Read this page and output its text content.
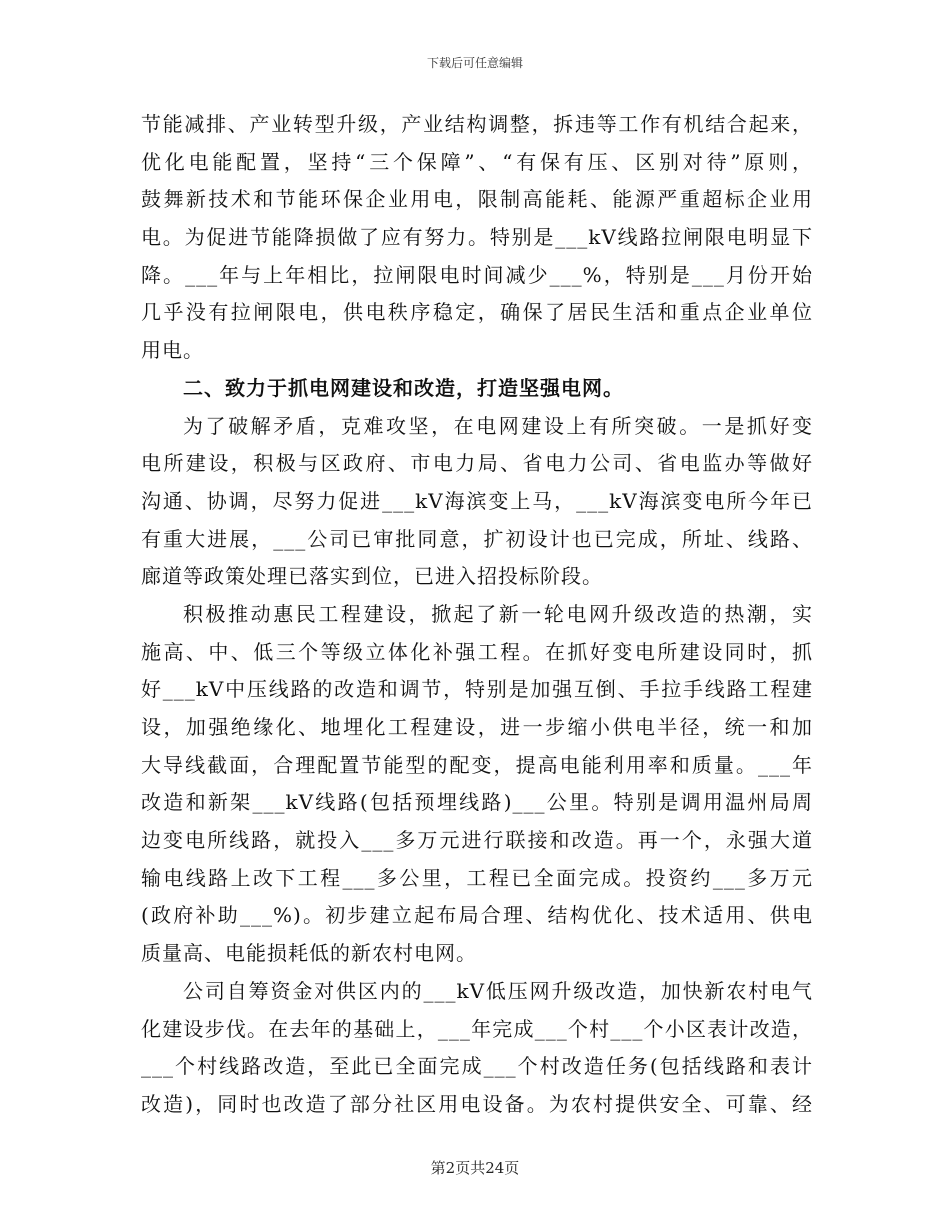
下载后可任意编辑
节能减排、产业转型升级，产业结构调整，拆违等工作有机结合起来，
优化电能配置，坚持“三个保障”、“有保有压、区别对待”原则，
鼓舞新技术和节能环保企业用电，限制高能耗、能源严重超标企业用
电。为促进节能降损做了应有努力。特别是___kV线路拉闸限电明显下
降。___年与上年相比，拉闸限电时间减少___%，特别是___月份开始
几乎没有拉闸限电，供电秩序稳定，确保了居民生活和重点企业单位
用电。
二、致力于抓电网建设和改造，打造坚强电网。
为了破解矛盾，克难攻坚，在电网建设上有所突破。一是抓好变
电所建设，积极与区政府、市电力局、省电力公司、省电监办等做好
沟通、协调，尽努力促进___kV海滨变上马，___kV海滨变电所今年已
有重大进展，___公司已审批同意，扩初设计也已完成，所址、线路、
廊道等政策处理已落实到位，已进入招投标阶段。
积极推动惠民工程建设，掀起了新一轮电网升级改造的热潮，实
施高、中、低三个等级立体化补强工程。在抓好变电所建设同时，抓
好___kV中压线路的改造和调节，特别是加强互倒、手拉手线路工程建
设，加强绝缘化、地埋化工程建设，进一步缩小供电半径，统一和加
大导线截面，合理配置节能型的配变，提高电能利用率和质量。___年
改造和新架___kV线路(包括预埋线路)___公里。特别是调用温州局周
边变电所线路，就投入___多万元进行联接和改造。再一个，永强大道
输电线路上改下工程___多公里，工程已全面完成。投资约___多万元
(政府补助___%)。初步建立起布局合理、结构优化、技术适用、供电
质量高、电能损耗低的新农村电网。
公司自筹资金对供区内的___kV低压网升级改造，加快新农村电气
化建设步伐。在去年的基础上，___年完成___个村___个小区表计改造，
___个村线路改造，至此已全面完成___个村改造任务(包括线路和表计
改造)，同时也改造了部分社区用电设备。为农村提供安全、可靠、经
第2页共24页
